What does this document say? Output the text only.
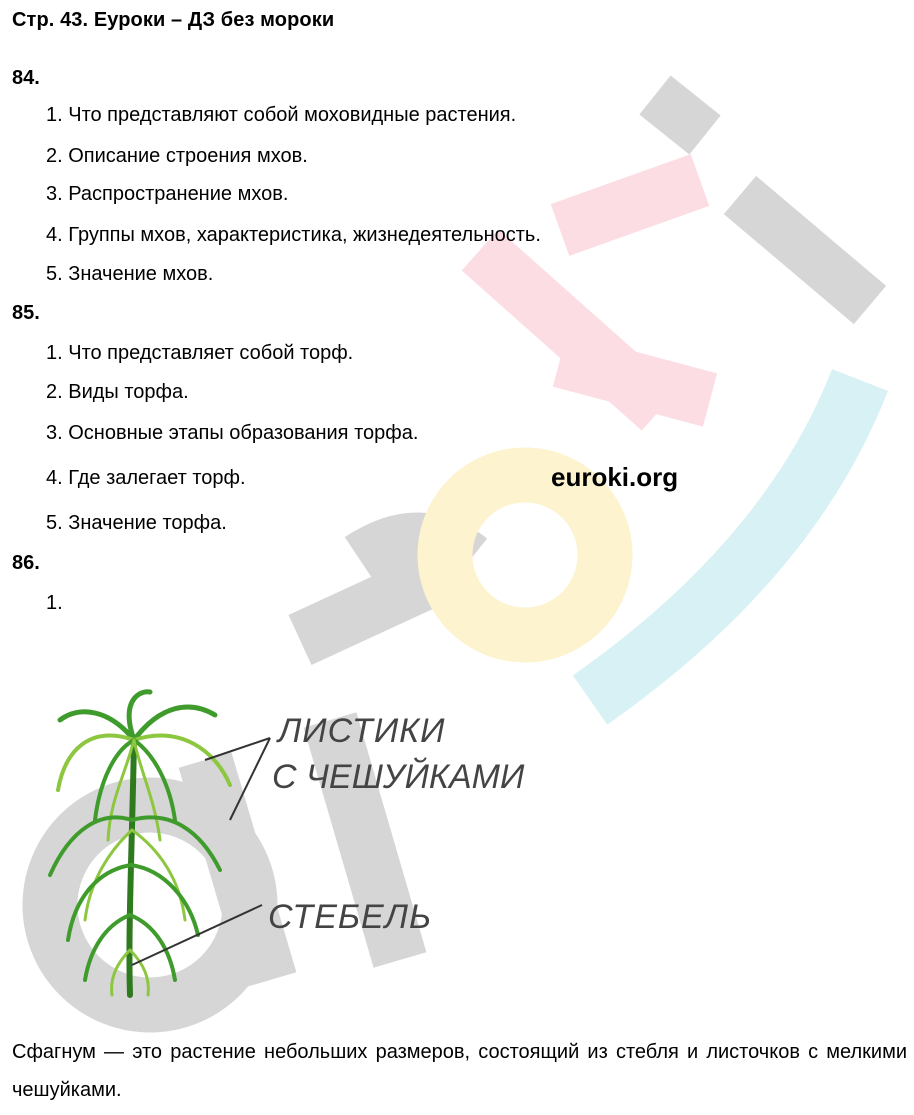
Стр. 43. Еуроки – ДЗ без мороки
84.
1. Что представляют собой моховидные растения.
2. Описание строения мхов.
3. Распространение мхов.
4. Группы мхов, характеристика, жизнедеятельность.
5. Значение мхов.
85.
1. Что представляет собой торф.
2. Виды торфа.
3. Основные этапы образования торфа.
4. Где залегает торф.
5. Значение торфа.
euroki.org
86.
1.
ЛИСТИКИ
С ЧЕШУЙКАМИ
СТЕБЕЛЬ
Сфагнум — это растение небольших размеров, состоящий из стебля и листочков с мелкими чешуйками.
